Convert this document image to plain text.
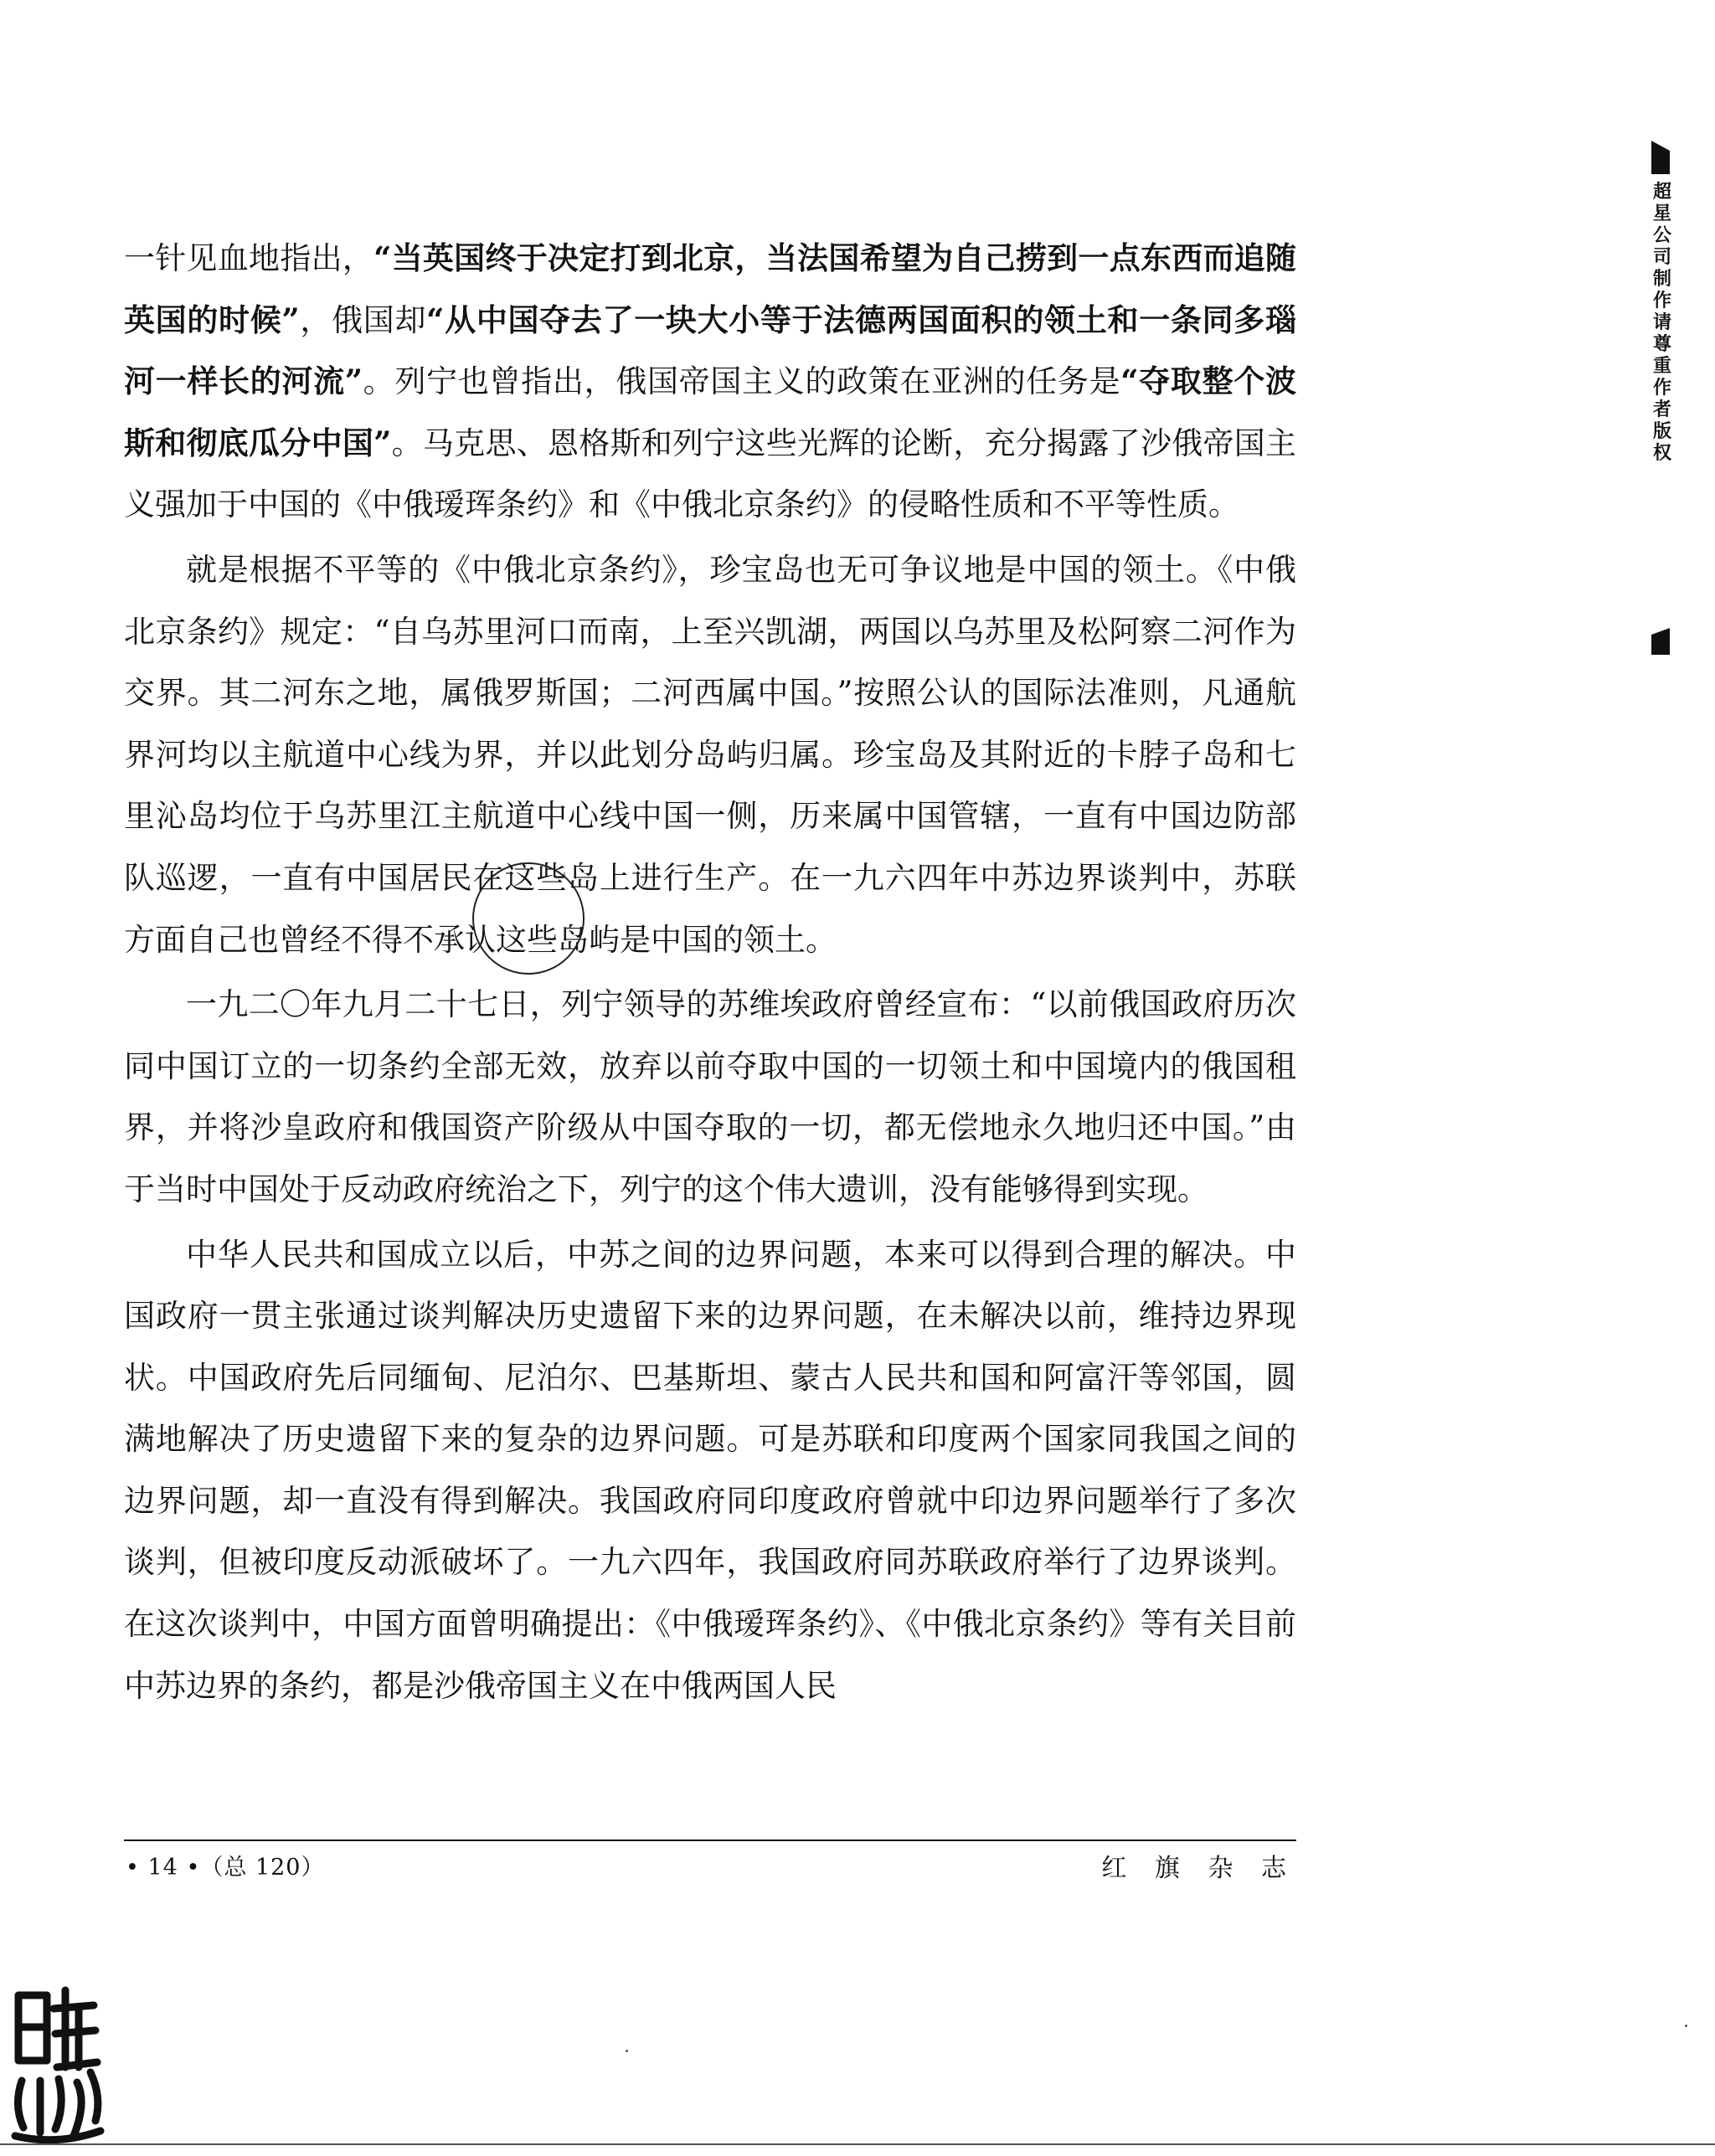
一针见血地指出，“当英国终于决定打到北京，当法国希望为自己捞到一点东西而追随英国的时候”，俄国却“从中国夺去了一块大小等于法德两国面积的领土和一条同多瑙河一样长的河流”。列宁也曾指出，俄国帝国主义的政策在亚洲的任务是“夺取整个波斯和彻底瓜分中国”。马克思、恩格斯和列宁这些光辉的论断，充分揭露了沙俄帝国主义强加于中国的《中俄瑷珲条约》和《中俄北京条约》的侵略性质和不平等性质。

就是根据不平等的《中俄北京条约》，珍宝岛也无可争议地是中国的领土。《中俄北京条约》规定：“自乌苏里河口而南，上至兴凯湖，两国以乌苏里及松阿察二河作为交界。其二河东之地，属俄罗斯国；二河西属中国。”按照公认的国际法准则，凡通航界河均以主航道中心线为界，并以此划分岛屿归属。珍宝岛及其附近的卡脖子岛和七里沁岛均位于乌苏里江主航道中心线中国一侧，历来属中国管辖，一直有中国边防部队巡逻，一直有中国居民在这些岛上进行生产。在一九六四年中苏边界谈判中，苏联方面自己也曾经不得不承认这些岛屿是中国的领土。

一九二〇年九月二十七日，列宁领导的苏维埃政府曾经宣布：“以前俄国政府历次同中国订立的一切条约全部无效，放弃以前夺取中国的一切领土和中国境内的俄国租界，并将沙皇政府和俄国资产阶级从中国夺取的一切，都无偿地永久地归还中国。”由于当时中国处于反动政府统治之下，列宁的这个伟大遗训，没有能够得到实现。

中华人民共和国成立以后，中苏之间的边界问题，本来可以得到合理的解决。中国政府一贯主张通过谈判解决历史遗留下来的边界问题，在未解决以前，维持边界现状。中国政府先后同缅甸、尼泊尔、巴基斯坦、蒙古人民共和国和阿富汗等邻国，圆满地解决了历史遗留下来的复杂的边界问题。可是苏联和印度两个国家同我国之间的边界问题，却一直没有得到解决。我国政府同印度政府曾就中印边界问题举行了多次谈判，但被印度反动派破坏了。一九六四年，我国政府同苏联政府举行了边界谈判。在这次谈判中，中国方面曾明确提出：《中俄瑷珲条约》、《中俄北京条约》等有关目前中苏边界的条约，都是沙俄帝国主义在中俄两国人民

• 14 •（总 120）	红 旗 杂 志
超星公司制作请尊重作者版权
